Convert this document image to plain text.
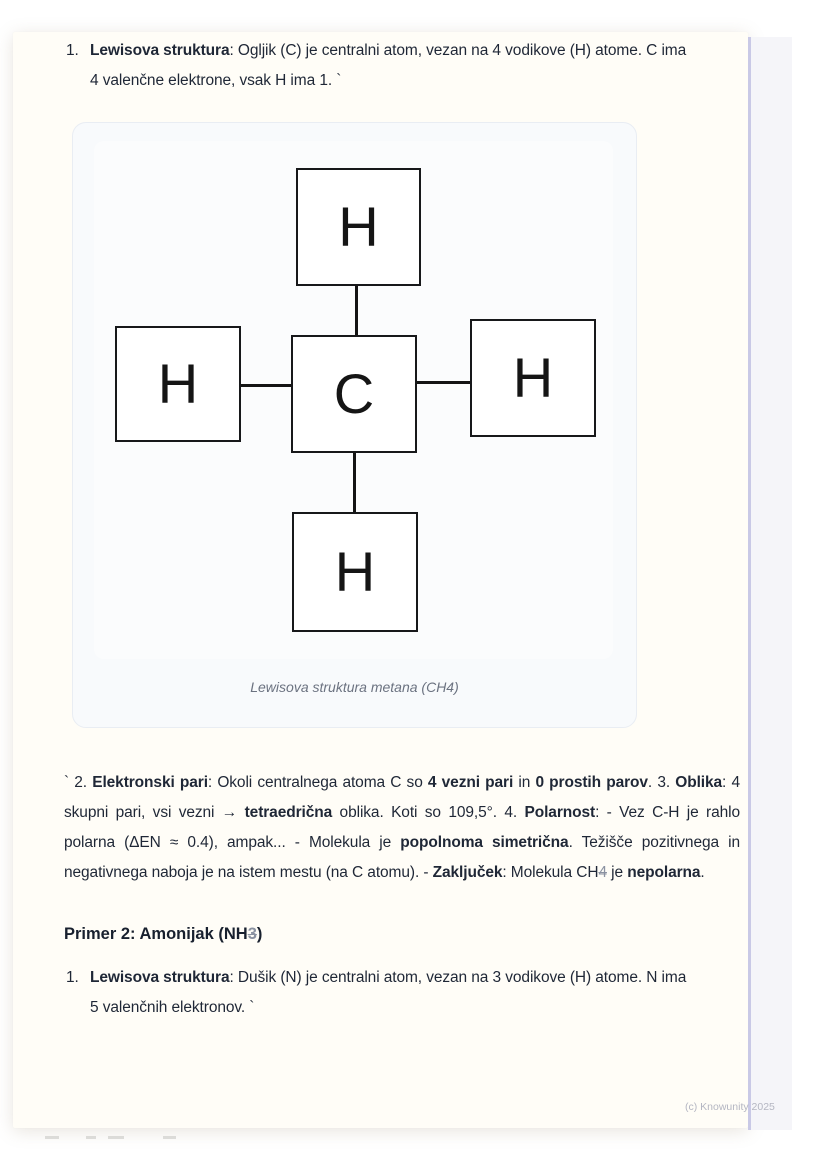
1. Lewisova struktura: Ogljik (C) je centralni atom, vezan na 4 vodikove (H) atome. C ima 4 valenčne elektrone, vsak H ima 1. `
H
H	C	H
H
Lewisova struktura metana (CH4)
` 2. Elektronski pari: Okoli centralnega atoma C so 4 vezni pari in 0 prostih parov. 3. Oblika: 4 skupni pari, vsi vezni → tetraedrična oblika. Koti so 109,5°. 4. Polarnost: - Vez C-H je rahlo polarna (ΔEN ≈ 0.4), ampak... - Molekula je popolnoma simetrična. Težišče pozitivnega in negativnega naboja je na istem mestu (na C atomu). - Zaključek: Molekula CH4 je nepolarna.
Primer 2: Amonijak (NH3)
1. Lewisova struktura: Dušik (N) je centralni atom, vezan na 3 vodikove (H) atome. N ima 5 valenčnih elektronov. `
(c) Knowunity 2025
